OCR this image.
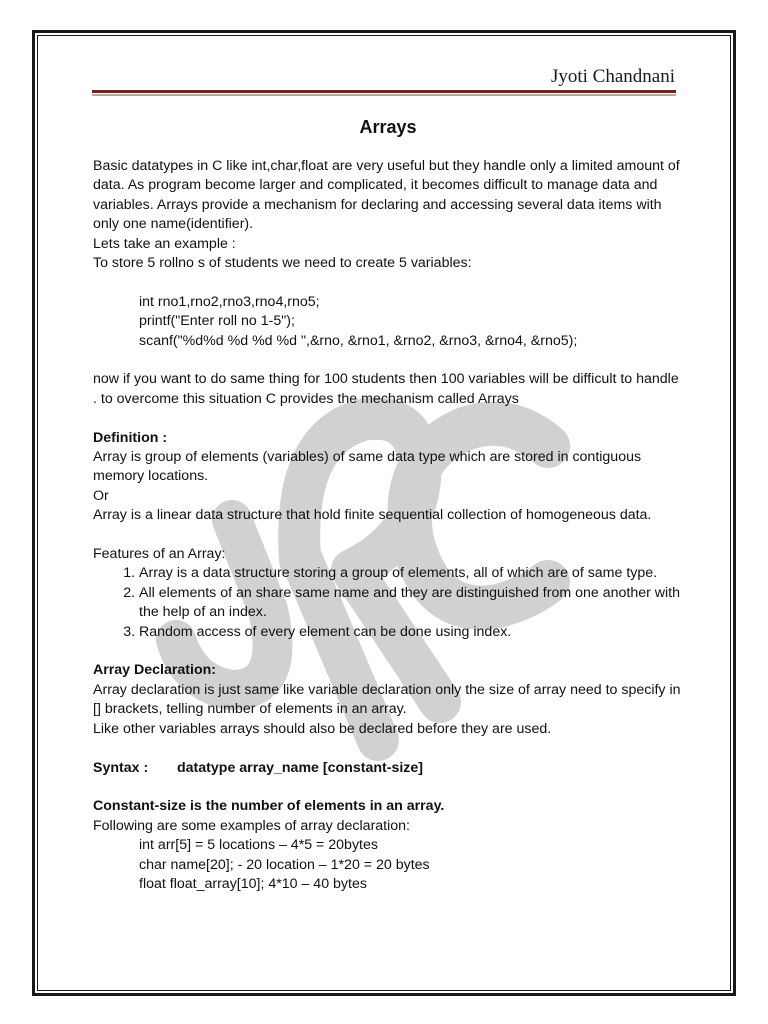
Jyoti Chandnani

Arrays

Basic datatypes in C like int,char,float are very useful but they handle only a limited amount of data. As program become larger and complicated, it becomes difficult to manage data and variables. Arrays provide a mechanism for declaring and accessing several data items with only one name(identifier).

Lets take an example :

To store 5 rollno s of students we need to create 5 variables:

int rno1,rno2,rno3,rno4,rno5;

printf("Enter roll no 1-5");

scanf("%d%d %d %d %d ",&rno, &rno1, &rno2, &rno3, &rno4, &rno5);

now if you want to do same thing for 100 students then 100 variables will be difficult to handle . to overcome this situation C provides the mechanism called Arrays

Definition :

Array is group of elements (variables) of same data type which are stored in contiguous memory locations.

Or

Array is a linear data structure that hold finite sequential collection of homogeneous data.

Features of an Array:

1. Array is a data structure storing a group of elements, all of which are of same type.
2. All elements of an share same name and they are distinguished from one another with the help of an index.
3. Random access of every element can be done using index.

Array Declaration:

Array declaration is just same like variable declaration only the size of array need to specify in [] brackets, telling number of elements in an array.

Like other variables arrays should also be declared before they are used.

Syntax : datatype array_name [constant-size]

Constant-size is the number of elements in an array.

Following are some examples of array declaration:

int arr[5] = 5 locations – 4*5 = 20bytes

char name[20]; - 20 location – 1*20 = 20 bytes

float float_array[10]; 4*10 – 40 bytes
